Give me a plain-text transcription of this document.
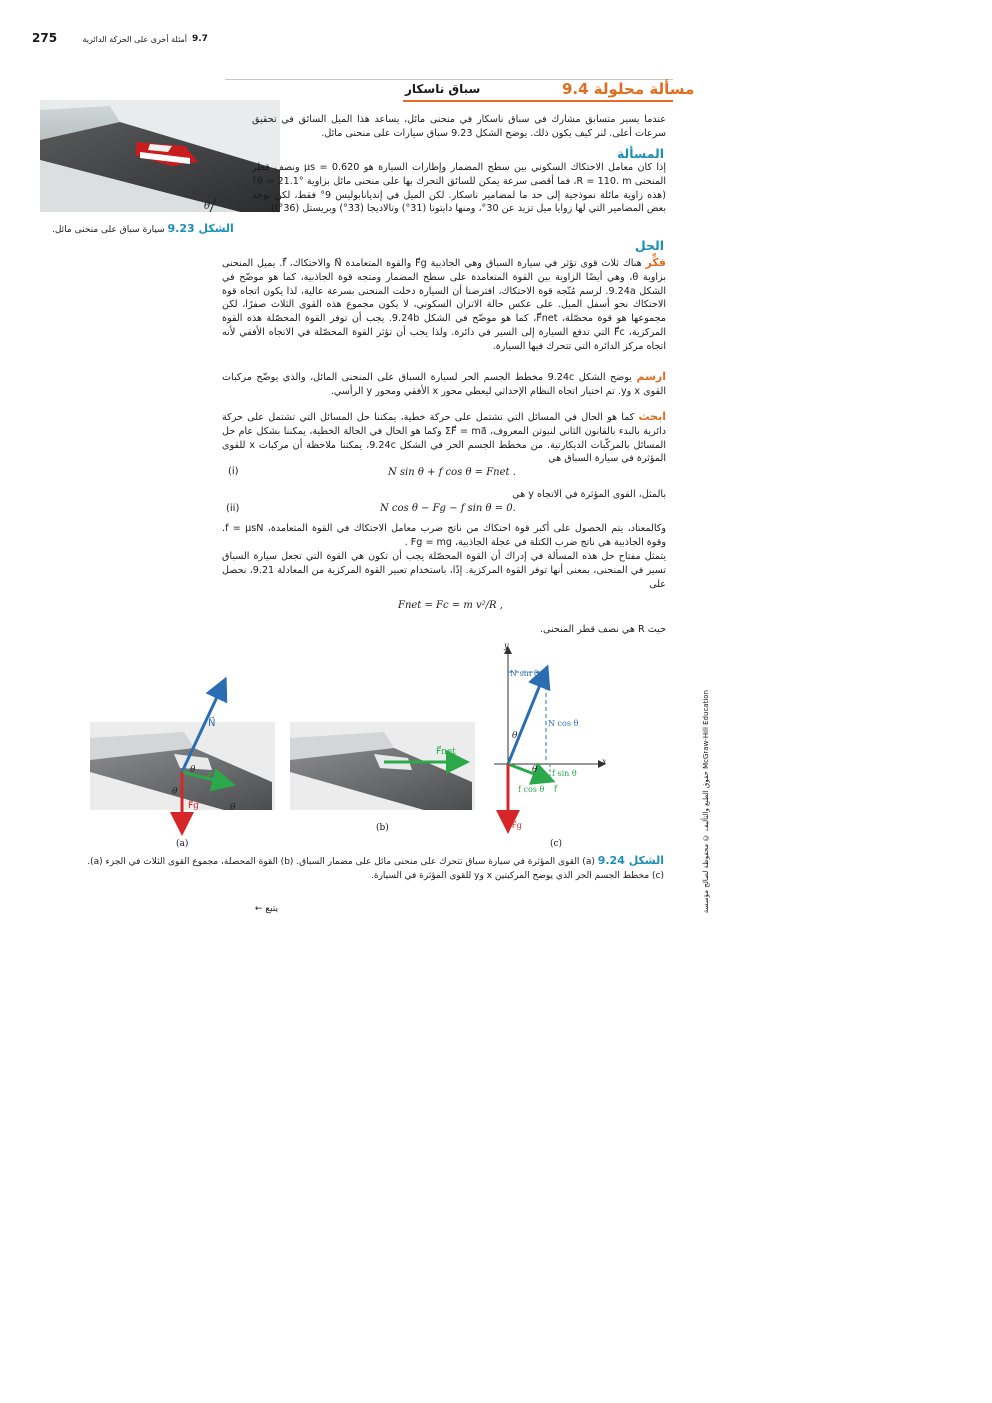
275	9.7
أمثلة أخرى على الحركة الدائرية
مسألة محلولة 9.4
سباق ناسكار
θ
الشكل 9.23 سيارة سباق على منحنى مائل.
عندما يسير متسابق مشارك في سباق ناسكار في منحنى مائل، يساعد هذا الميل السائق في تحقيق سرعات أعلى. لنر كيف يكون ذلك. يوضح الشكل 9.23 سباق سيارات على منحنى مائل.
المسألة
إذا كان معامل الاحتكاك السكوني بين سطح المضمار وإطارات السيارة هو μs = 0.620 ونصف قطر المنحنى R = 110. m، فما أقصى سرعة يمكن للسائق التحرك بها على منحنى مائل بزاوية θ = 21.1°؟ (هذه زاوية مائلة نموذجية إلى حد ما لمضامير ناسكار. لكن الميل في إنديانابوليس 9° فقط، لكن توجد بعض المضامير التي لها زوايا ميل تزيد عن 30°، ومنها دايتونا (31°) وتالاديجا (33°) وبريستل (36°)).
الحل
فكِّر هناك ثلاث قوى تؤثر في سيارة السباق وهي الجاذبية F⃗g والقوة المتعامدة N⃗ والاحتكاك، f⃗. يميل المنحنى بزاوية θ، وهي أيضًا الزاوية بين القوة المتعامدة على سطح المضمار ومتجه قوة الجاذبية، كما هو موضّح في الشكل 9.24a. لرسم مُتّجه قوة الاحتكاك، افترضنا أن السيارة دخلت المنحنى بسرعة عالية، لذا يكون اتجاه قوة الاحتكاك نحو أسفل الميل. على عكس حالة الاتزان السكوني، لا يكون مجموع هذه القوى الثلاث صفرًا، لكن مجموعها هو قوة محصّلة، F⃗net، كما هو موضّح في الشكل 9.24b. يجب أن توفر القوة المحصّلة هذه القوة المركزية، F⃗c التي تدفع السيارة إلى السير في دائرة. ولذا يجب أن تؤثر القوة المحصّلة في الاتجاه الأفقي لأنه اتجاه مركز الدائرة التي تتحرك فيها السيارة.
ارسم يوضح الشكل 9.24c مخطط الجسم الحر لسيارة السباق على المنحنى المائل، والذي يوضّح مركبات القوى x وy. تم اختيار اتجاه النظام الإحداثي ليعطي محور x الأفقي ومحور y الرأسي.
ابحث كما هو الحال في المسائل التي تشتمل على حركة خطية، يمكننا حل المسائل التي تشتمل على حركة دائرية بالبدء بالقانون الثاني لنيوتن المعروف، ΣF⃗ = ma⃗ وكما هو الحال في الحالة الخطية، يمكننا بشكل عام حل المسائل بالمركّبات الديكارتية. من مخطط الجسم الحر في الشكل 9.24c، يمكننا ملاحظة أن مركبات x للقوى المؤثرة في سيارة السباق هي
(i)	N sin θ + f cos θ = Fnet .
بالمثل، القوى المؤثرة في الاتجاه y هي
(ii)	N cos θ − Fg − f sin θ = 0.
وكالمعتاد، يتم الحصول على أكبر قوة احتكاك من ناتج ضرب معامل الاحتكاك في القوة المتعامدة، f = μsN. وقوة الجاذبية هي ناتج ضرب الكتلة في عجلة الجاذبية، Fg = mg .
يتمثل مفتاح حل هذه المسألة في إدراك أن القوة المحصّلة يجب أن تكون هي القوة التي تجعل سيارة السباق تسير في المنحنى، بمعنى أنها توفر القوة المركزية. إذًا، باستخدام تعبير القوة المركزية من المعادلة 9.21، نحصل على
Fnet = Fc = m v²/R ,
حيث R هي نصف قطر المنحنى.
N⃗
f⃗
F⃗g
θ
θ
θ
(a)
F⃗net
(b)
y
x
N sin θ
N cos θ
f sin θ
f cos θ f⃗
F⃗g
θ
θ
(c)
الشكل 9.24 (a) القوى المؤثرة في سيارة سباق تتحرك على منحنى مائل على مضمار السباق. (b) القوة المحصلة، مجموع القوى الثلاث في الجزء (a). (c) مخطط الجسم الحر الذي يوضح المركبتين x وy للقوى المؤثرة في السيارة.
يتبع ←	حقوق الطبع والتأليف © محفوظة لصالح مؤسسة McGraw-Hill Education
